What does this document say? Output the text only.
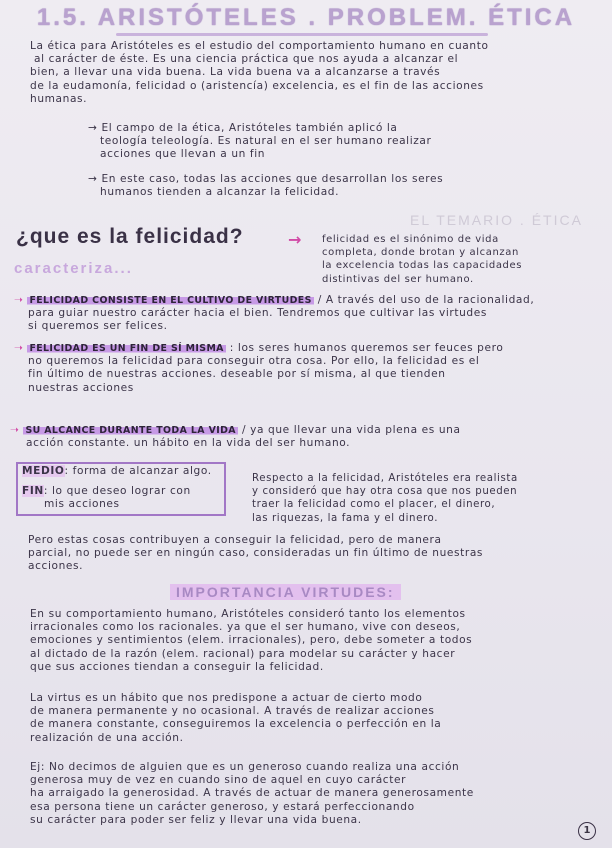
1.5. ARISTÓTELES . PROBLEM. ÉTICA
La ética para Aristóteles es el estudio del comportamiento humano en cuanto
al carácter de éste. Es una ciencia práctica que nos ayuda a alcanzar el
bien, a llevar una vida buena. La vida buena va a alcanzarse a través
de la eudamonía, felicidad o (aristencía) excelencia, es el fin de las acciones
humanas.
→ El campo de la ética, Aristóteles también aplicó la
teología teleología. Es natural en el ser humano realizar
acciones que llevan a un fin
→ En este caso, todas las acciones que desarrollan los seres
humanos tienden a alcanzar la felicidad.
EL TEMARIO . ÉTICA
¿que es la felicidad?	→ felicidad es el sinónimo de vida
completa, donde brotan y alcanzan
la excelencia todas las capacidades
distintivas del ser humano.
caracteriza...
➝ FELICIDAD CONSISTE EN EL CULTIVO DE VIRTUDES / A través del uso de la racionalidad,
para guiar nuestro carácter hacia el bien. Tendremos que cultivar las virtudes
si queremos ser felices.
➝ FELICIDAD ES UN FIN DE SÍ MISMA : los seres humanos queremos ser feuces pero
no queremos la felicidad para conseguir otra cosa. Por ello, la felicidad es el
fin último de nuestras acciones. deseable por sí misma, al que tienden
nuestras acciones
➝ SU ALCANCE DURANTE TODA LA VIDA / ya que llevar una vida plena es una
acción constante. un hábito en la vida del ser humano.
MEDIO: forma de alcanzar algo.
FIN: lo que deseo lograr con
mis acciones
Respecto a la felicidad, Aristóteles era realista
y consideró que hay otra cosa que nos pueden
traer la felicidad como el placer, el dinero,
las riquezas, la fama y el dinero.
Pero estas cosas contribuyen a conseguir la felicidad, pero de manera
parcial, no puede ser en ningún caso, consideradas un fin último de nuestras
acciones.
IMPORTANCIA VIRTUDES:
En su comportamiento humano, Aristóteles consideró tanto los elementos
irracionales como los racionales. ya que el ser humano, vive con deseos,
emociones y sentimientos (elem. irracionales), pero, debe someter a todos
al dictado de la razón (elem. racional) para modelar su carácter y hacer
que sus acciones tiendan a conseguir la felicidad.
La virtus es un hábito que nos predispone a actuar de cierto modo
de manera permanente y no ocasional. A través de realizar acciones
de manera constante, conseguiremos la excelencia o perfección en la
realización de una acción.
Ej: No decimos de alguien que es un generoso cuando realiza una acción
generosa muy de vez en cuando sino de aquel en cuyo carácter
ha arraigado la generosidad. A través de actuar de manera generosamente
esa persona tiene un carácter generoso, y estará perfeccionando
su carácter para poder ser feliz y llevar una vida buena.
1
